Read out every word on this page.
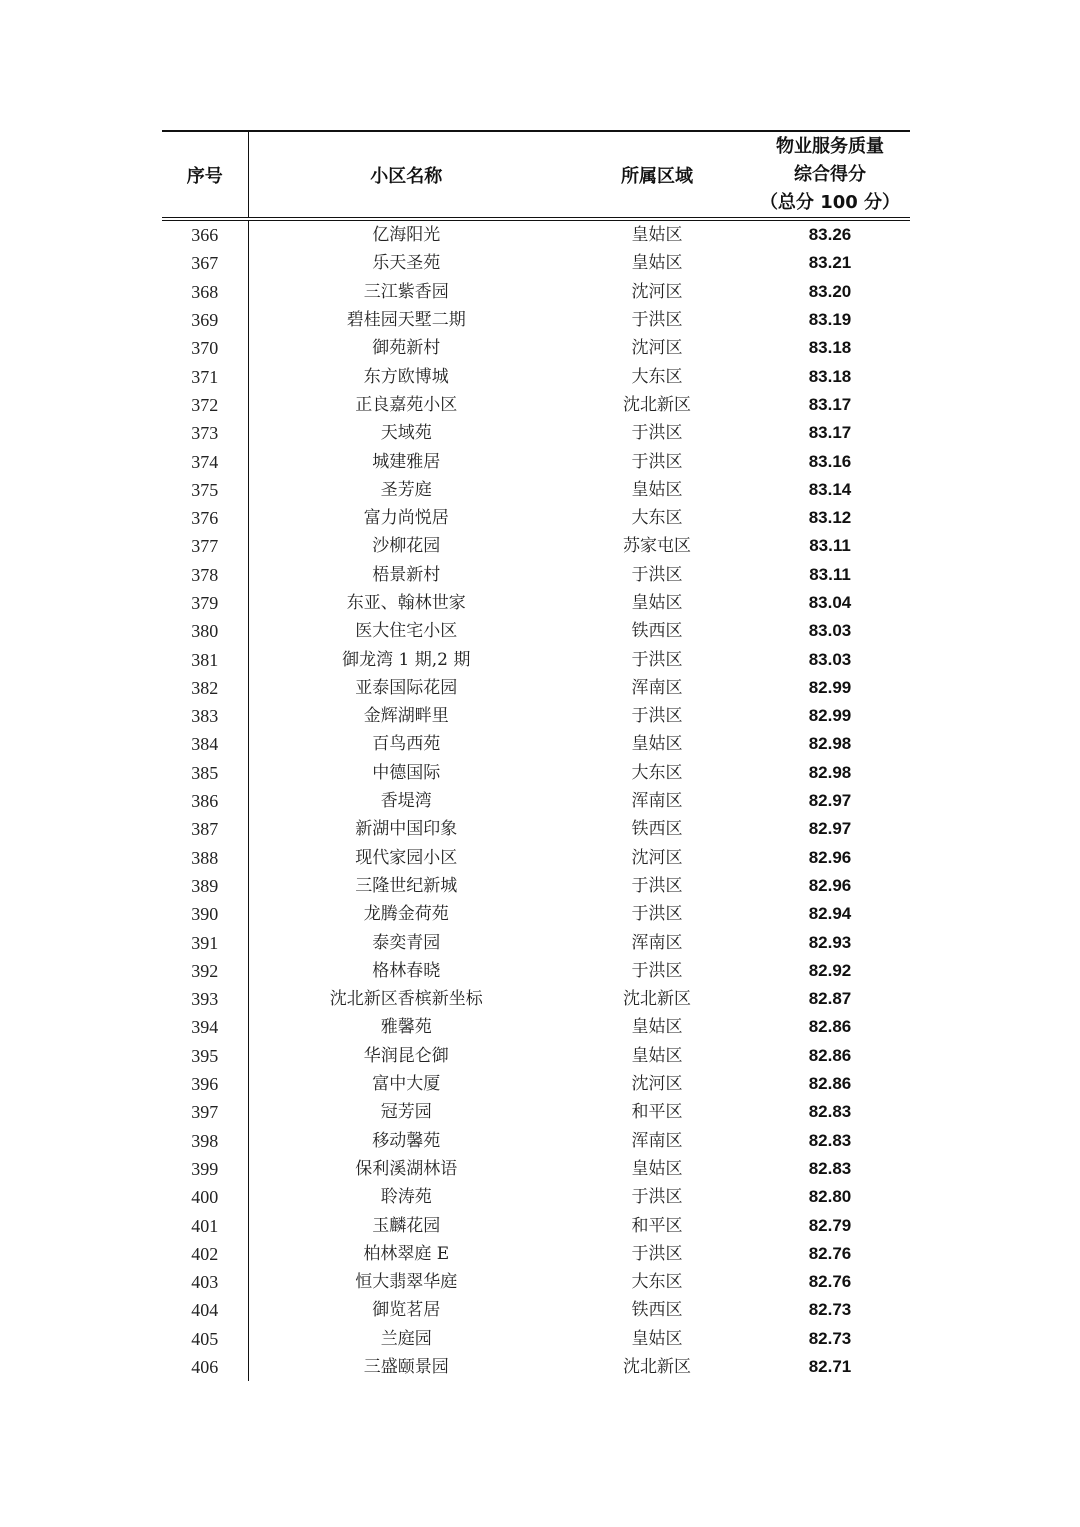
序号	小区名称	所属区域	物业服务质量
综合得分
（总分 100 分）

366	亿海阳光	皇姑区	83.26
367	乐天圣苑	皇姑区	83.21
368	三江紫香园	沈河区	83.20
369	碧桂园天墅二期	于洪区	83.19
370	御苑新村	沈河区	83.18
371	东方欧博城	大东区	83.18
372	正良嘉苑小区	沈北新区	83.17
373	天域苑	于洪区	83.17
374	城建雅居	于洪区	83.16
375	圣芳庭	皇姑区	83.14
376	富力尚悦居	大东区	83.12
377	沙柳花园	苏家屯区	83.11
378	梧景新村	于洪区	83.11
379	东亚、翰林世家	皇姑区	83.04
380	医大住宅小区	铁西区	83.03
381	御龙湾 1 期,2 期	于洪区	83.03
382	亚泰国际花园	浑南区	82.99
383	金辉湖畔里	于洪区	82.99
384	百鸟西苑	皇姑区	82.98
385	中德国际	大东区	82.98
386	香堤湾	浑南区	82.97
387	新湖中国印象	铁西区	82.97
388	现代家园小区	沈河区	82.96
389	三隆世纪新城	于洪区	82.96
390	龙腾金荷苑	于洪区	82.94
391	泰奕青园	浑南区	82.93
392	格林春晓	于洪区	82.92
393	沈北新区香槟新坐标	沈北新区	82.87
394	雅馨苑	皇姑区	82.86
395	华润昆仑御	皇姑区	82.86
396	富中大厦	沈河区	82.86
397	冠芳园	和平区	82.83
398	移动馨苑	浑南区	82.83
399	保利溪湖林语	皇姑区	82.83
400	聆涛苑	于洪区	82.80
401	玉麟花园	和平区	82.79
402	柏林翠庭 E	于洪区	82.76
403	恒大翡翠华庭	大东区	82.76
404	御览茗居	铁西区	82.73
405	兰庭园	皇姑区	82.73
406	三盛颐景园	沈北新区	82.71
